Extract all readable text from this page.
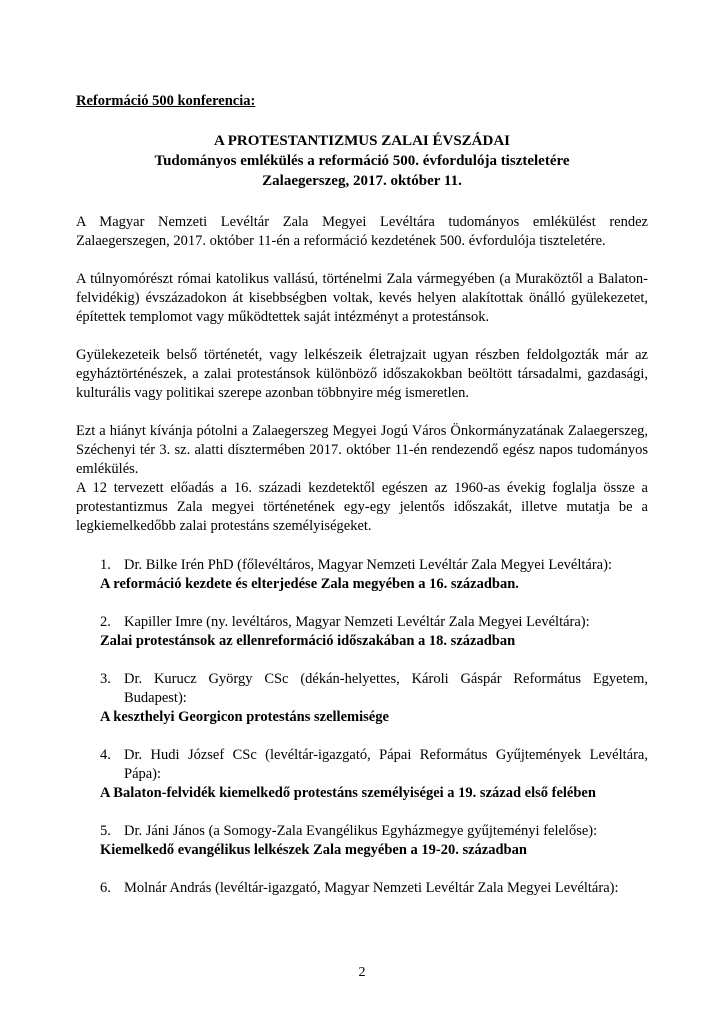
Reformáció 500 konferencia:
A PROTESTANTIZMUS ZALAI ÉVSZÁDAI
Tudományos emlékülés a reformáció 500. évfordulója tiszteletére
Zalaegerszeg, 2017. október 11.

A Magyar Nemzeti Levéltár Zala Megyei Levéltára tudományos emlékülést rendez Zalaegerszegen, 2017. október 11-én a reformáció kezdetének 500. évfordulója tiszteletére.

A túlnyomórészt római katolikus vallású, történelmi Zala vármegyében (a Muraköztől a Balaton-felvidékig) évszázadokon át kisebbségben voltak, kevés helyen alakítottak önálló gyülekezetet, építettek templomot vagy működtettek saját intézményt a protestánsok.

Gyülekezeteik belső történetét, vagy lelkészeik életrajzait ugyan részben feldolgozták már az egyháztörténészek, a zalai protestánsok különböző időszakokban beöltött társadalmi, gazdasági, kulturális vagy politikai szerepe azonban többnyire még ismeretlen.

Ezt a hiányt kívánja pótolni a Zalaegerszeg Megyei Jogú Város Önkormányzatának Zalaegerszeg, Széchenyi tér 3. sz. alatti dísztermében 2017. október 11-én rendezendő egész napos tudományos emlékülés.

A 12 tervezett előadás a 16. századi kezdetektől egészen az 1960-as évekig foglalja össze a protestantizmus Zala megyei történetének egy-egy jelentős időszakát, illetve mutatja be a legkiemelkedőbb zalai protestáns személyiségeket.

1. Dr. Bilke Irén PhD (főlevéltáros, Magyar Nemzeti Levéltár Zala Megyei Levéltára):
A reformáció kezdete és elterjedése Zala megyében a 16. században.
2. Kapiller Imre (ny. levéltáros, Magyar Nemzeti Levéltár Zala Megyei Levéltára):
Zalai protestánsok az ellenreformáció időszakában a 18. században
3. Dr. Kurucz György CSc (dékán-helyettes, Károli Gáspár Református Egyetem, Budapest):
A keszthelyi Georgicon protestáns szellemisége
4. Dr. Hudi József CSc (levéltár-igazgató, Pápai Református Gyűjtemények Levéltára, Pápa):
A Balaton-felvidék kiemelkedő protestáns személyiségei a 19. század első felében
5. Dr. Jáni János (a Somogy-Zala Evangélikus Egyházmegye gyűjteményi felelőse):
Kiemelkedő evangélikus lelkészek Zala megyében a 19-20. században
6. Molnár András (levéltár-igazgató, Magyar Nemzeti Levéltár Zala Megyei Levéltára):
2
